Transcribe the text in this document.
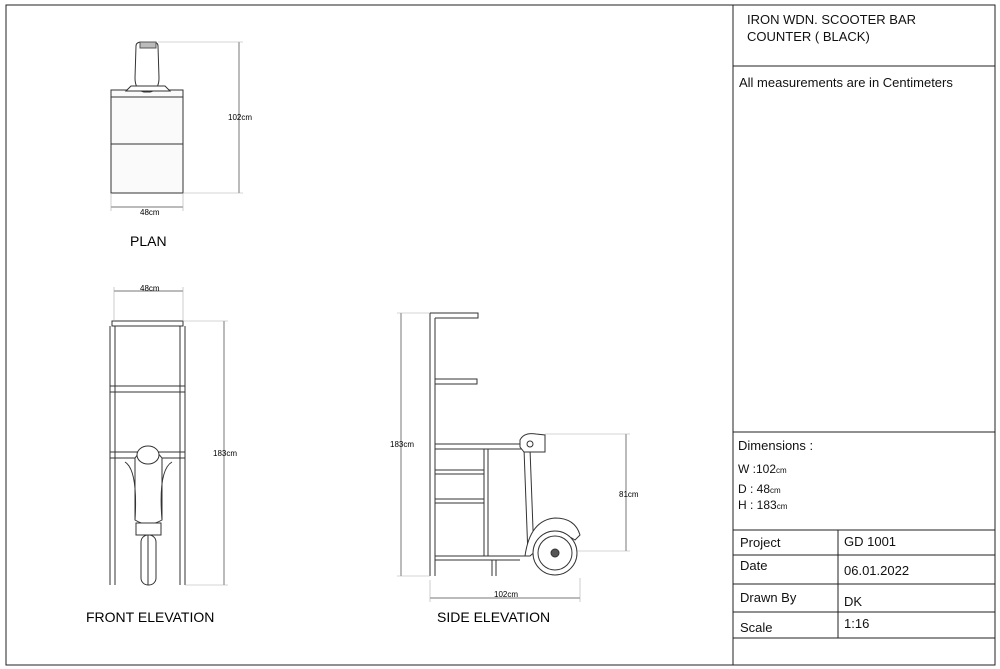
102cm
48cm
PLAN
48cm
183cm
FRONT ELEVATION
183cm
81cm
102cm
SIDE ELEVATION
IRON WDN. SCOOTER BAR
COUNTER ( BLACK)
All measurements are in Centimeters
Dimensions :
W :102cm
D : 48cm
H : 183cm
Project	GD 1001
Date	06.01.2022
Drawn By	DK
Scale	1:16
